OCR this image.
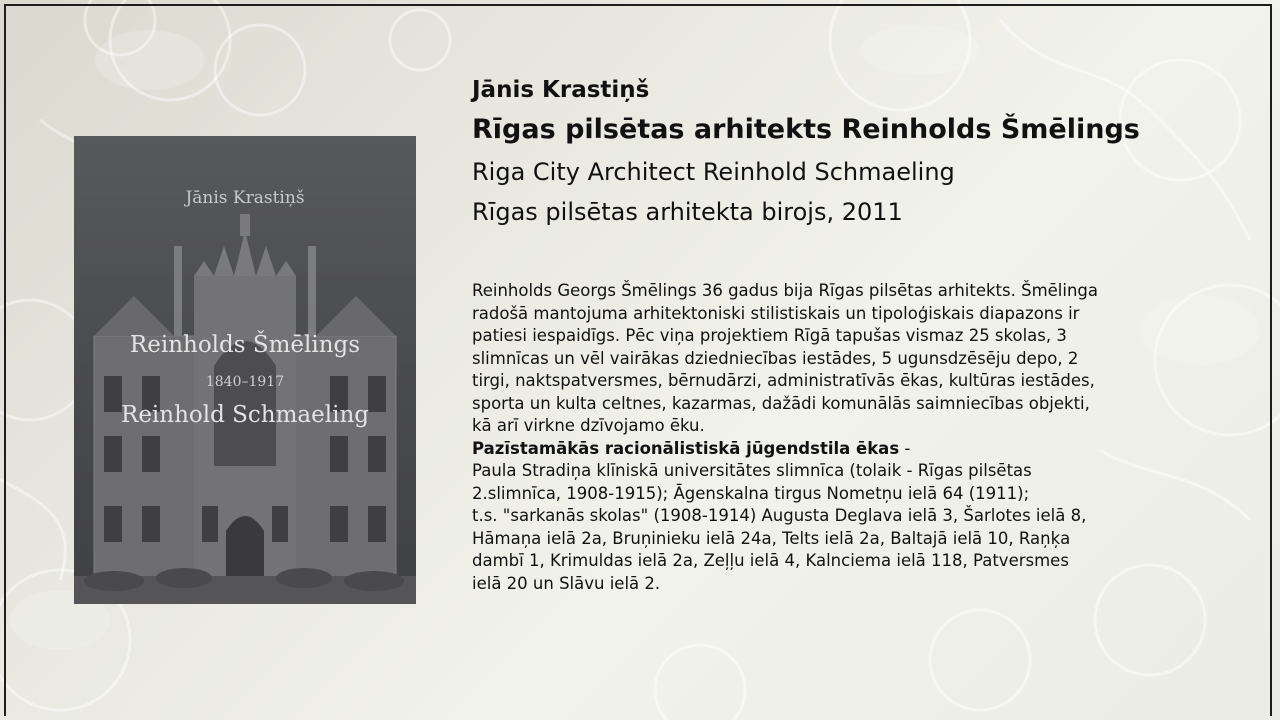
Jānis Krastiņš
Reinholds Šmēlings
1840–1917
Reinhold Schmaeling
Jānis Krastiņš
Rīgas pilsētas arhitekts Reinholds Šmēlings
Riga City Architect Reinhold Schmaeling
Rīgas pilsētas arhitekta birojs, 2011

Reinholds Georgs Šmēlings 36 gadus bija Rīgas pilsētas arhitekts. Šmēlinga
radošā mantojuma arhitektoniski stilistiskais un tipoloģiskais diapazons ir
patiesi iespaidīgs. Pēc viņa projektiem Rīgā tapušas vismaz 25 skolas, 3
slimnīcas un vēl vairākas dziedniecības iestādes, 5 ugunsdzēsēju depo, 2
tirgi, naktspatversmes, bērnudārzi, administratīvās ēkas, kultūras iestādes,
sporta un kulta celtnes, kazarmas, dažādi komunālās saimniecības objekti,
kā arī virkne dzīvojamo ēku.

Pazīstamākās racionālistiskā jūgendstila ēkas -

Paula Stradiņa klīniskā universitātes slimnīca (tolaik - Rīgas pilsētas
2.slimnīca, 1908-1915); Āgenskalna tirgus Nometņu ielā 64 (1911);
t.s. "sarkanās skolas" (1908-1914) Augusta Deglava ielā 3, Šarlotes ielā 8,
Hāmaņa ielā 2a, Bruņinieku ielā 24a, Telts ielā 2a, Baltajā ielā 10, Raņķa
dambī 1, Krimuldas ielā 2a, Zeļļu ielā 4, Kalnciema ielā 118, Patversmes
ielā 20 un Slāvu ielā 2.
